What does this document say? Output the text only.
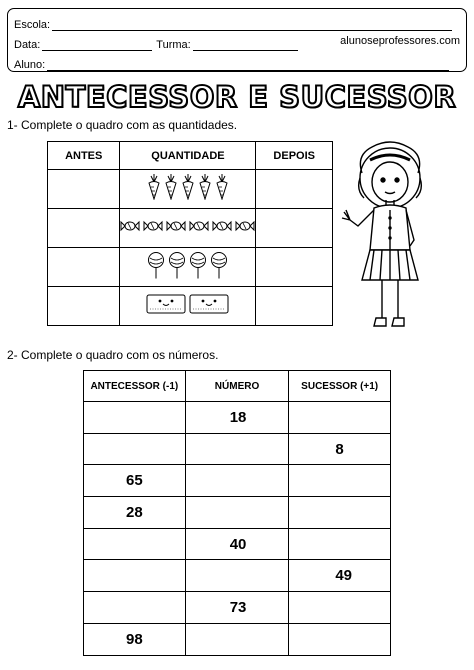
Escola:
Data:	Turma:	alunoseprofessores.com
Aluno:
ANTECESSOR E SUCESSOR
1- Complete o quadro com as quantidades.
ANTES	QUANTIDADE	DEPOIS

2- Complete o quadro com os números.
ANTECESSOR (-1)	NÚMERO	SUCESSOR (+1)
	18	
		8
65		
28		
	40	
		49
	73	
98		
